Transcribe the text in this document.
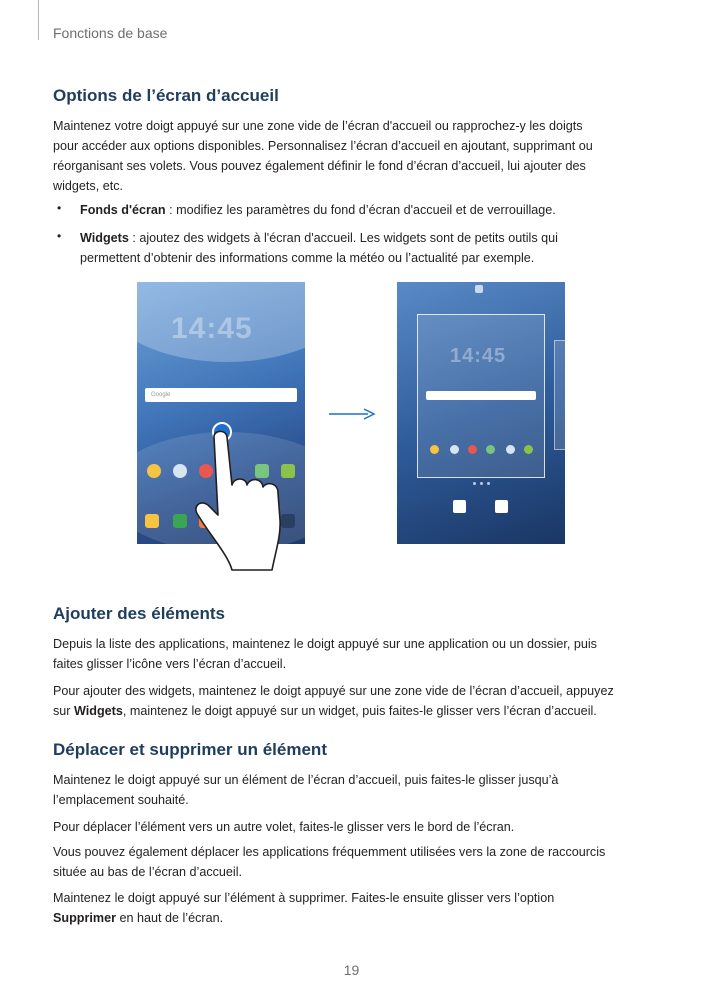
Fonctions de base
Options de l’écran d’accueil
Maintenez votre doigt appuyé sur une zone vide de l’écran d'accueil ou rapprochez-y les doigts
pour accéder aux options disponibles. Personnalisez l’écran d’accueil en ajoutant, supprimant ou
réorganisant ses volets. Vous pouvez également définir le fond d’écran d’accueil, lui ajouter des
widgets, etc.
• Fonds d'écran : modifiez les paramètres du fond d’écran d'accueil et de verrouillage.
• Widgets : ajoutez des widgets à l'écran d'accueil. Les widgets sont de petits outils qui
permettent d’obtenir des informations comme la météo ou l’actualité par exemple.
14:45
Google
14:45
Ajouter des éléments
Depuis la liste des applications, maintenez le doigt appuyé sur une application ou un dossier, puis
faites glisser l’icône vers l’écran d’accueil.
Pour ajouter des widgets, maintenez le doigt appuyé sur une zone vide de l’écran d’accueil, appuyez
sur Widgets, maintenez le doigt appuyé sur un widget, puis faites-le glisser vers l’écran d’accueil.
Déplacer et supprimer un élément
Maintenez le doigt appuyé sur un élément de l’écran d’accueil, puis faites-le glisser jusqu’à
l’emplacement souhaité.
Pour déplacer l’élément vers un autre volet, faites-le glisser vers le bord de l’écran.
Vous pouvez également déplacer les applications fréquemment utilisées vers la zone de raccourcis
située au bas de l’écran d’accueil.
Maintenez le doigt appuyé sur l’élément à supprimer. Faites-le ensuite glisser vers l’option
Supprimer en haut de l’écran.
19
